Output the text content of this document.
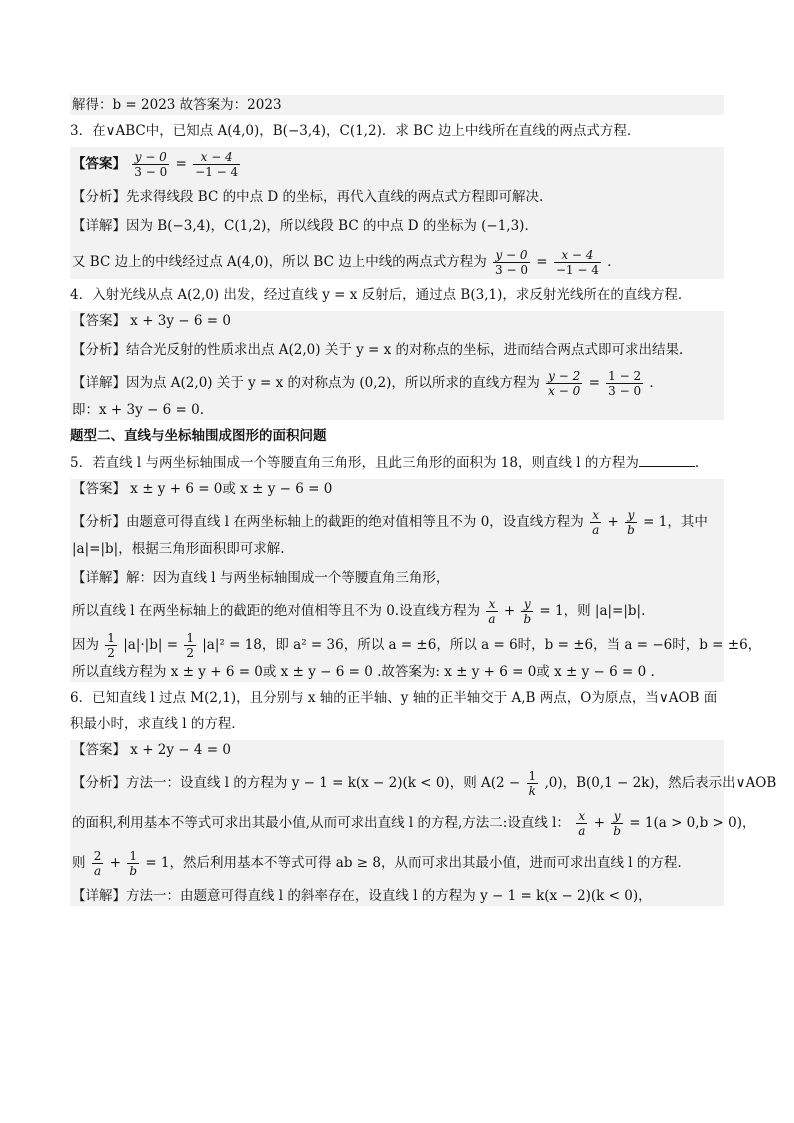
解得：b = 2023 故答案为：2023
3．在∨ABC中，已知点 A(4,0)，B(−3,4)，C(1,2)．求 BC 边上中线所在直线的两点式方程．
【答案】 $\frac{y - 0}{3 - 0} = \frac{x - 4}{-1 - 4}$
【分析】先求得线段 BC 的中点 D 的坐标，再代入直线的两点式方程即可解决.
【详解】因为 B(−3,4)，C(1,2)，所以线段 BC 的中点 D 的坐标为 (−1,3)．
又 BC 边上的中线经过点 A(4,0)，所以 BC 边上中线的两点式方程为 $\frac{y - 0}{3 - 0} = \frac{x - 4}{-1 - 4}$ ．
4．入射光线从点 A(2,0) 出发，经过直线 y = x 反射后，通过点 B(3,1)，求反射光线所在的直线方程．
【答案】 x + 3y − 6 = 0
【分析】结合光反射的性质求出点 A(2,0) 关于 y = x 的对称点的坐标，进而结合两点式即可求出结果.
【详解】因为点 A(2,0) 关于 y = x 的对称点为 (0,2)，所以所求的直线方程为 $\frac{y - 2}{x - 0} = \frac{1 - 2}{3 - 0}$ ．
即：x + 3y − 6 = 0.
题型二、直线与坐标轴围成图形的面积问题
5．若直线 l 与两坐标轴围成一个等腰直角三角形，且此三角形的面积为 18，则直线 l 的方程为	.
【答案】 x ± y + 6 = 0或 x ± y − 6 = 0
【分析】由题意可得直线 l 在两坐标轴上的截距的绝对值相等且不为 0，设直线方程为 $\frac{x}{a} + \frac{y}{b} = 1$，其中
|a|=|b|，根据三角形面积即可求解.
【详解】解：因为直线 l 与两坐标轴围成一个等腰直角三角形，
所以直线 l 在两坐标轴上的截距的绝对值相等且不为 0.设直线方程为 $\frac{x}{a} + \frac{y}{b} = 1$，则 |a|=|b|.
因为 $\frac{1}{2} |a|\cdot|b| = \frac{1}{2} |a|^2 = 18$，即 a² = 36，所以 a = ±6，所以 a = 6时，b = ±6，当 a = −6时，b = ±6，
所以直线方程为 x ± y + 6 = 0或 x ± y − 6 = 0 .故答案为: x ± y + 6 = 0或 x ± y − 6 = 0 .
6．已知直线 l 过点 M(2,1)，且分别与 x 轴的正半轴、y 轴的正半轴交于 A,B 两点，O为原点，当∨AOB 面
积最小时，求直线 l 的方程．
【答案】 x + 2y − 4 = 0
【分析】方法一：设直线 l 的方程为 y − 1 = k(x − 2)(k < 0)，则 $A(2 - \frac{1}{k} ,0)$，B(0,1 − 2k)，然后表示出∨AOB
的面积,利用基本不等式可求出其最小值,从而可求出直线 l 的方程,方法二:设直线 l： $\frac{x}{a} + \frac{y}{b} = 1(a > 0,b > 0)$，
则 $\frac{2}{a} + \frac{1}{b} = 1$，然后利用基本不等式可得 ab ≥ 8，从而可求出其最小值，进而可求出直线 l 的方程.
【详解】方法一：由题意可得直线 l 的斜率存在，设直线 l 的方程为 y − 1 = k(x − 2)(k < 0)，
